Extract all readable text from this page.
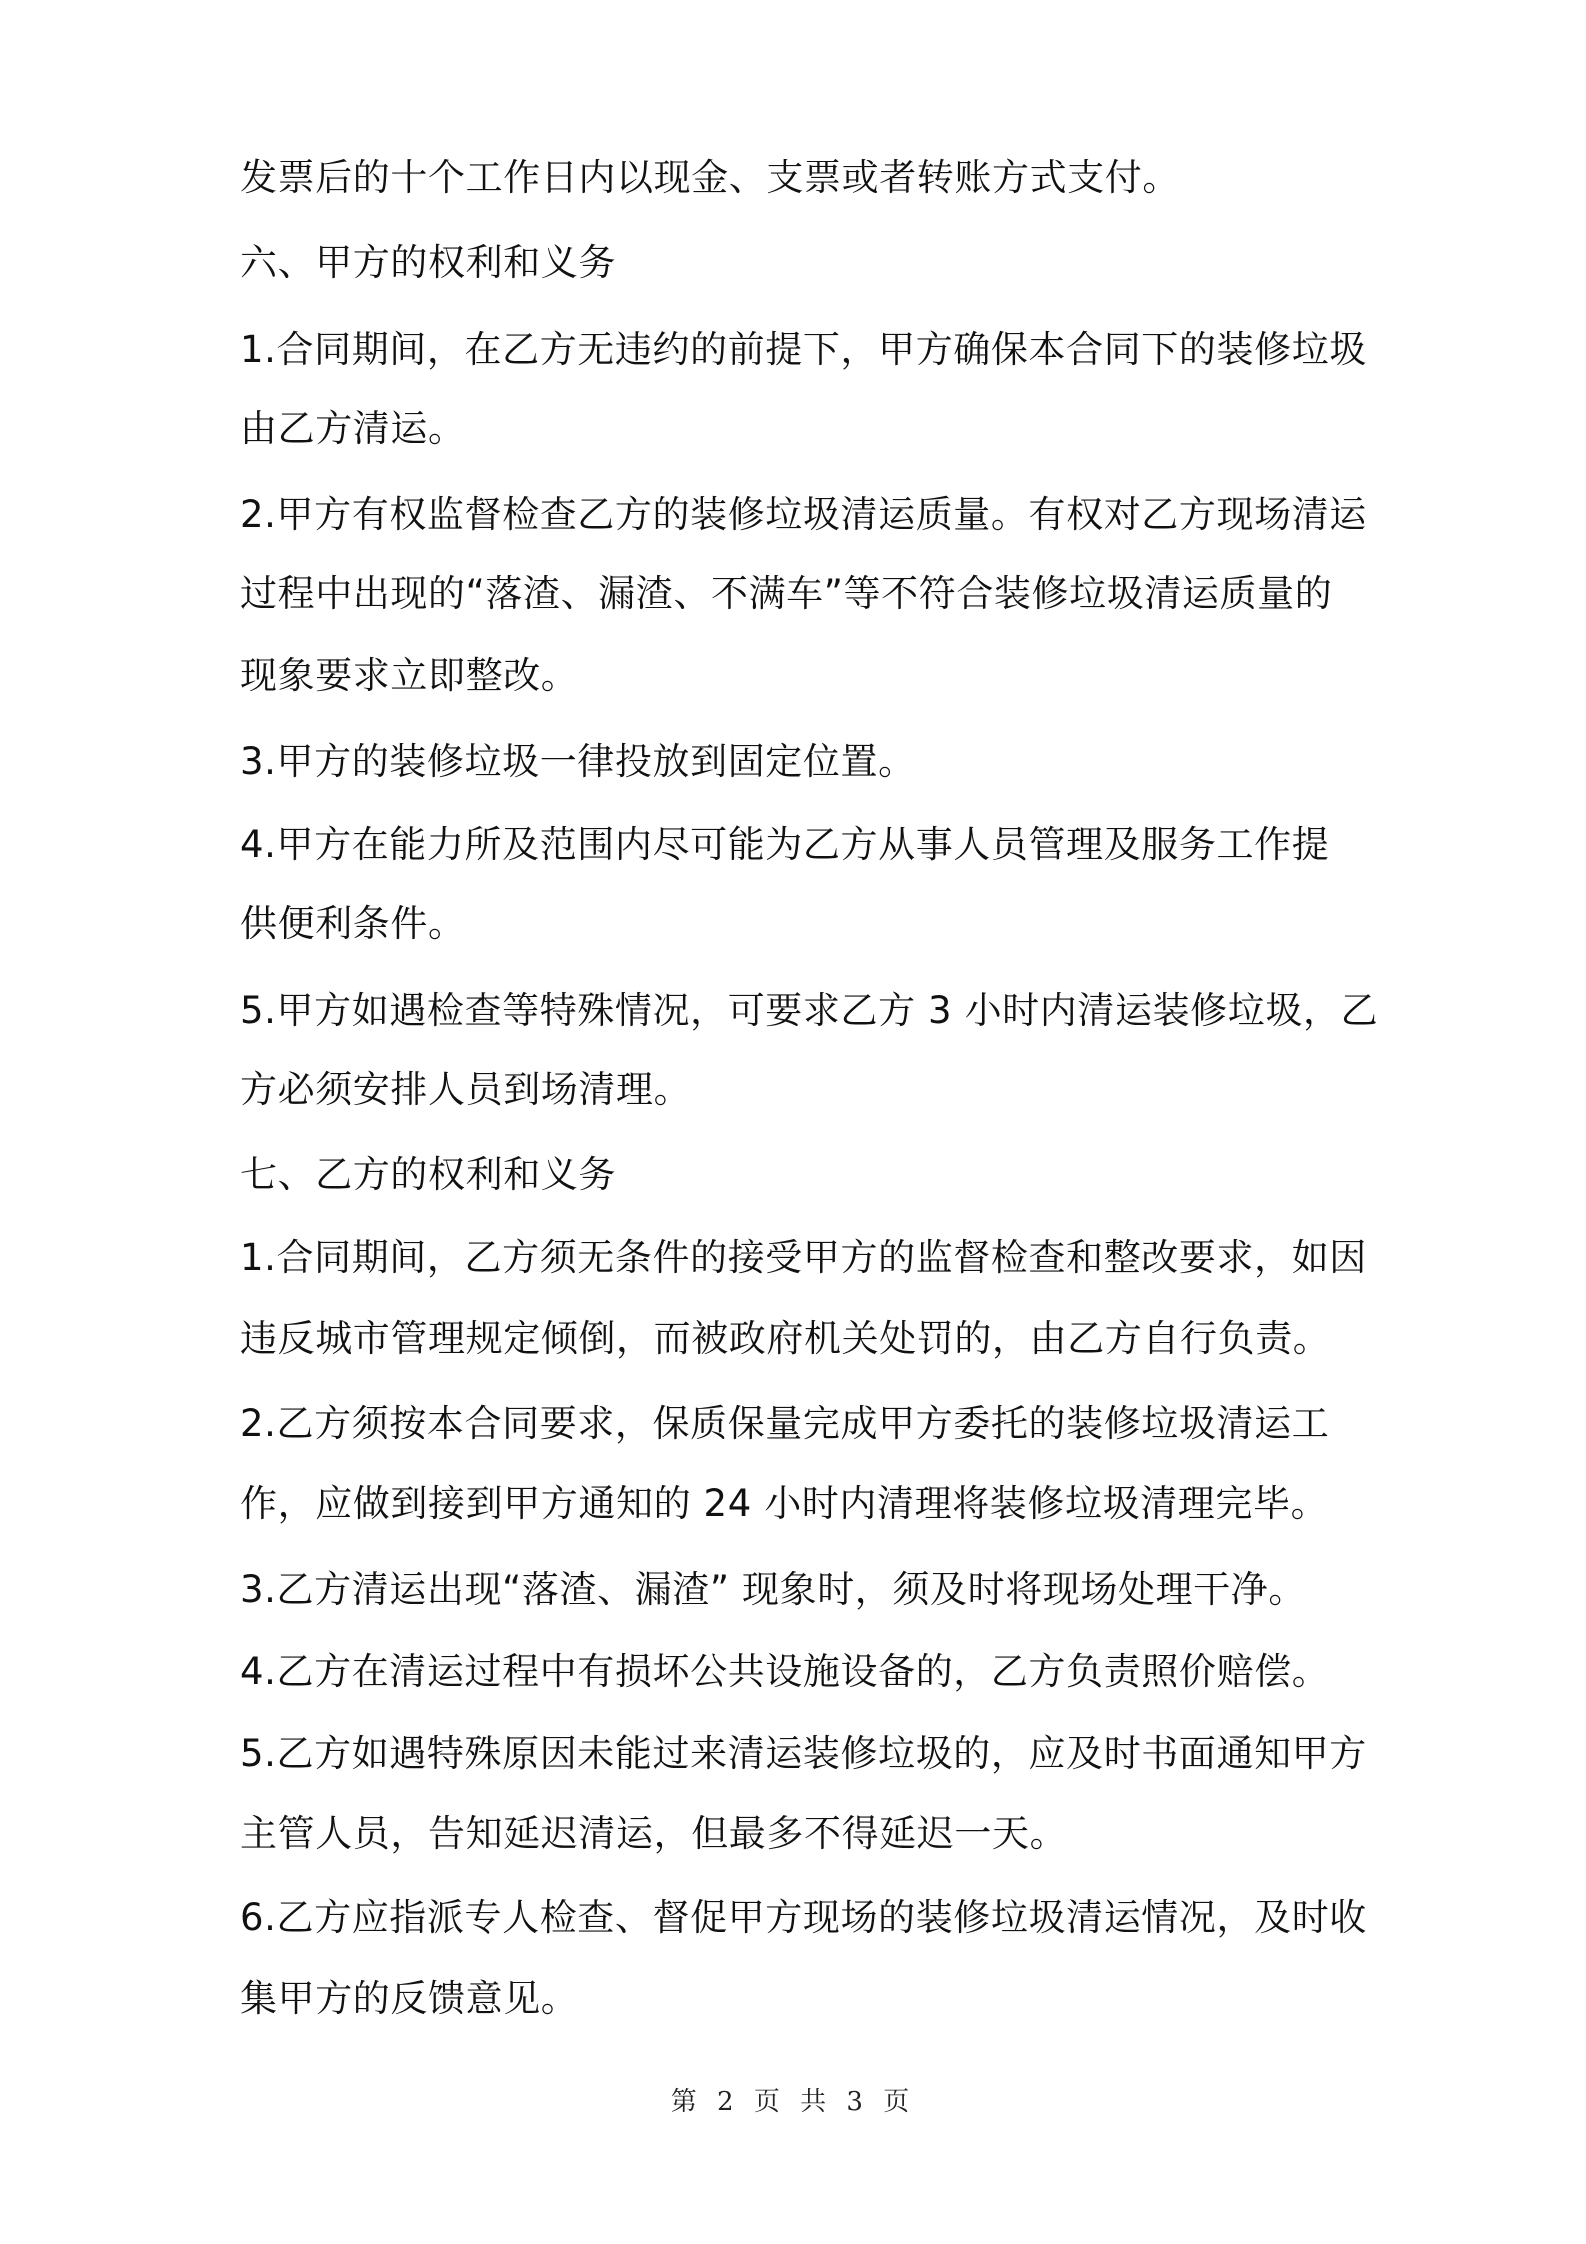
发票后的十个工作日内以现金、支票或者转账方式支付。
六、甲方的权利和义务
1.合同期间，在乙方无违约的前提下，甲方确保本合同下的装修垃圾
由乙方清运。
2.甲方有权监督检查乙方的装修垃圾清运质量。有权对乙方现场清运
过程中出现的“落渣、漏渣、不满车”等不符合装修垃圾清运质量的
现象要求立即整改。
3.甲方的装修垃圾一律投放到固定位置。
4.甲方在能力所及范围内尽可能为乙方从事人员管理及服务工作提
供便利条件。
5.甲方如遇检查等特殊情况，可要求乙方 3 小时内清运装修垃圾，乙
方必须安排人员到场清理。
七、乙方的权利和义务
1.合同期间，乙方须无条件的接受甲方的监督检查和整改要求，如因
违反城市管理规定倾倒，而被政府机关处罚的，由乙方自行负责。
2.乙方须按本合同要求，保质保量完成甲方委托的装修垃圾清运工
作，应做到接到甲方通知的 24 小时内清理将装修垃圾清理完毕。
3.乙方清运出现“落渣、漏渣” 现象时，须及时将现场处理干净。
4.乙方在清运过程中有损坏公共设施设备的，乙方负责照价赔偿。
5.乙方如遇特殊原因未能过来清运装修垃圾的，应及时书面通知甲方
主管人员，告知延迟清运，但最多不得延迟一天。
6.乙方应指派专人检查、督促甲方现场的装修垃圾清运情况，及时收
集甲方的反馈意见。
第 2 页 共 3 页
